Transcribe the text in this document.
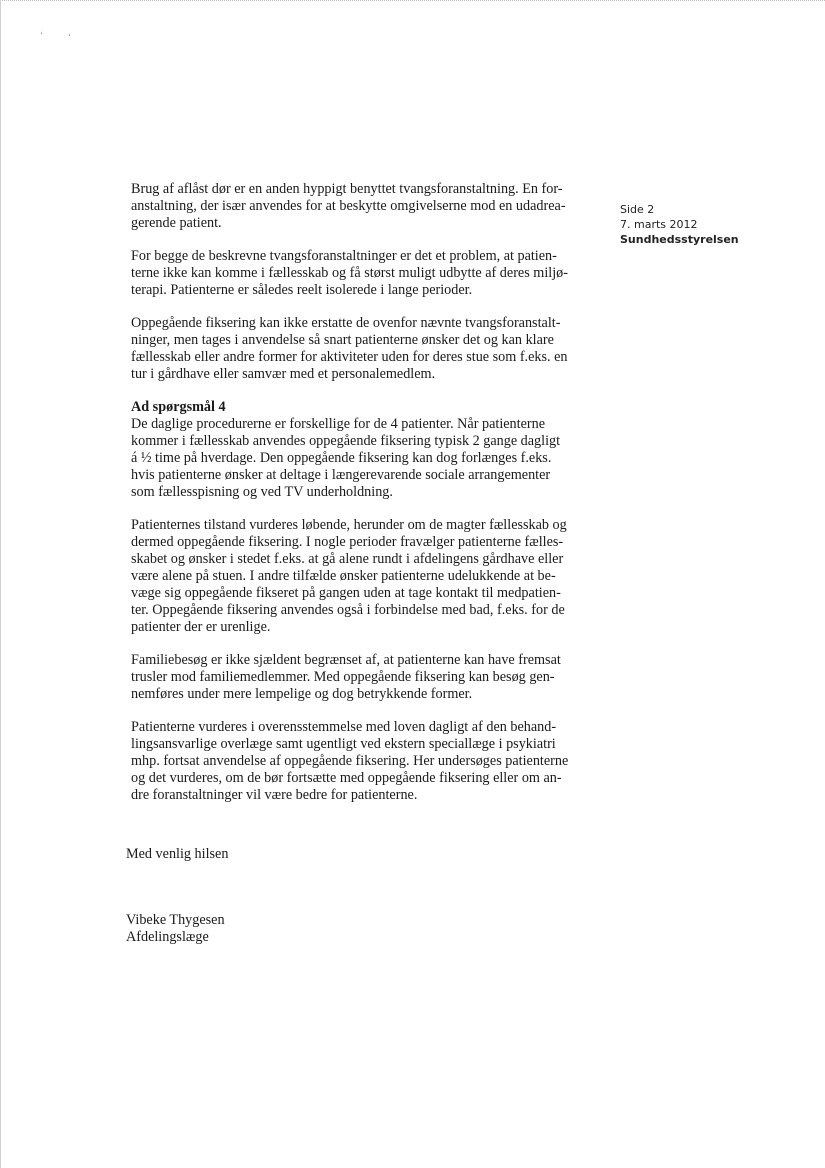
‘	‘
Side 2
7. marts 2012
Sundhedsstyrelsen
Brug af aflåst dør er en anden hyppigt benyttet tvangsforanstaltning. En for-
anstaltning, der især anvendes for at beskytte omgivelserne mod en udadrea-
gerende patient.
For begge de beskrevne tvangsforanstaltninger er det et problem, at patien-
terne ikke kan komme i fællesskab og få størst muligt udbytte af deres miljø-
terapi. Patienterne er således reelt isolerede i lange perioder.
Oppegående fiksering kan ikke erstatte de ovenfor nævnte tvangsforanstalt-
ninger, men tages i anvendelse så snart patienterne ønsker det og kan klare
fællesskab eller andre former for aktiviteter uden for deres stue som f.eks. en
tur i gårdhave eller samvær med et personalemedlem.
Ad spørgsmål 4
De daglige procedurerne er forskellige for de 4 patienter. Når patienterne
kommer i fællesskab anvendes oppegående fiksering typisk 2 gange dagligt
á ½ time på hverdage. Den oppegående fiksering kan dog forlænges f.eks.
hvis patienterne ønsker at deltage i længerevarende sociale arrangementer
som fællesspisning og ved TV underholdning.
Patienternes tilstand vurderes løbende, herunder om de magter fællesskab og
dermed oppegående fiksering. I nogle perioder fravælger patienterne fælles-
skabet og ønsker i stedet f.eks. at gå alene rundt i afdelingens gårdhave eller
være alene på stuen. I andre tilfælde ønsker patienterne udelukkende at be-
væge sig oppegående fikseret på gangen uden at tage kontakt til medpatien-
ter. Oppegående fiksering anvendes også i forbindelse med bad, f.eks. for de
patienter der er urenlige.
Familiebesøg er ikke sjældent begrænset af, at patienterne kan have fremsat
trusler mod familiemedlemmer. Med oppegående fiksering kan besøg gen-
nemføres under mere lempelige og dog betrykkende former.
Patienterne vurderes i overensstemmelse med loven dagligt af den behand-
lingsansvarlige overlæge samt ugentligt ved ekstern speciallæge i psykiatri
mhp. fortsat anvendelse af oppegående fiksering. Her undersøges patienterne
og det vurderes, om de bør fortsætte med oppegående fiksering eller om an-
dre foranstaltninger vil være bedre for patienterne.
Med venlig hilsen
Vibeke Thygesen
Afdelingslæge
